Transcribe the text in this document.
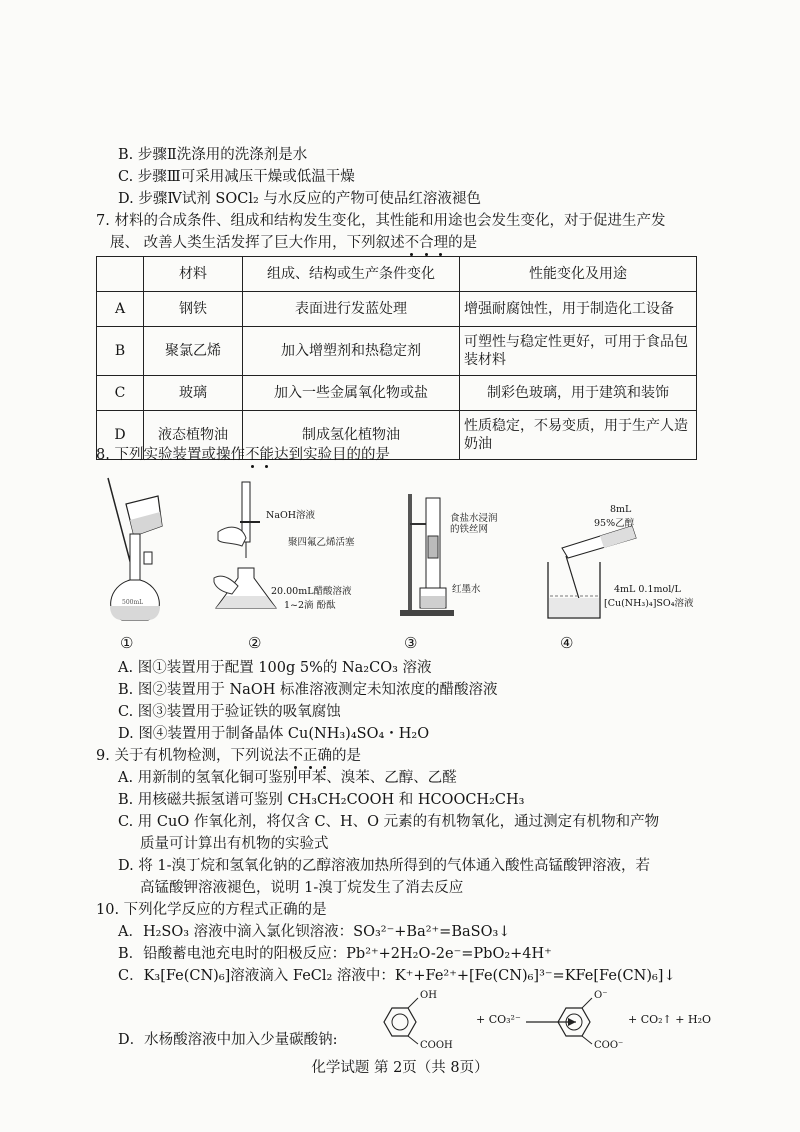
B. 步骤Ⅱ洗涤用的洗涤剂是水
C. 步骤Ⅲ可采用减压干燥或低温干燥
D. 步骤Ⅳ试剂 SOCl₂ 与水反应的产物可使品红溶液褪色
7. 材料的合成条件、组成和结构发生变化，其性能和用途也会发生变化，对于促进生产发
展、 改善人类生活发挥了巨大作用，下列叙述不合理的是
	材料	组成、结构或生产条件变化	性能变化及用途
A	钢铁	表面进行发蓝处理	增强耐腐蚀性，用于制造化工设备
B	聚氯乙烯	加入增塑剂和热稳定剂	可塑性与稳定性更好，可用于食品包装材料
C	玻璃	加入一些金属氧化物或盐	制彩色玻璃，用于建筑和装饰
D	液态植物油	制成氢化植物油	性质稳定，不易变质，用于生产人造奶油
8. 下列实验装置或操作不能达到实验目的的是
500mL
NaOH溶液
聚四氟乙烯活塞
20.00mL醋酸溶液
1~2滴 酚酞
食盐水浸润
的铁丝网
红墨水
8mL
95%乙醇
4mL 0.1mol/L
[Cu(NH₃)₄]SO₄溶液
①	②	③	④
A. 图①装置用于配置 100g 5%的 Na₂CO₃ 溶液
B. 图②装置用于 NaOH 标准溶液测定未知浓度的醋酸溶液
C. 图③装置用于验证铁的吸氧腐蚀
D. 图④装置用于制备晶体 Cu(NH₃)₄SO₄・H₂O
9. 关于有机物检测，下列说法不正确的是
A. 用新制的氢氧化铜可鉴别甲苯、溴苯、乙醇、乙醛
B. 用核磁共振氢谱可鉴别 CH₃CH₂COOH 和 HCOOCH₂CH₃
C. 用 CuO 作氧化剂，将仅含 C、H、O 元素的有机物氧化，通过测定有机物和产物
质量可计算出有机物的实验式
D. 将 1-溴丁烷和氢氧化钠的乙醇溶液加热所得到的气体通入酸性高锰酸钾溶液，若
高锰酸钾溶液褪色，说明 1-溴丁烷发生了消去反应
10. 下列化学反应的方程式正确的是
A．H₂SO₃ 溶液中滴入氯化钡溶液：SO₃²⁻+Ba²⁺=BaSO₃↓
B．铅酸蓄电池充电时的阳极反应：Pb²⁺+2H₂O-2e⁻=PbO₂+4H⁺
C．K₃[Fe(CN)₆]溶液滴入 FeCl₂ 溶液中：K⁺+Fe²⁺+[Fe(CN)₆]³⁻=KFe[Fe(CN)₆]↓
D．水杨酸溶液中加入少量碳酸钠:
OH
COOH
+ CO₃²⁻
O⁻
COO⁻
+ CO₂↑ + H₂O
化学试题 第 2页（共 8页）
